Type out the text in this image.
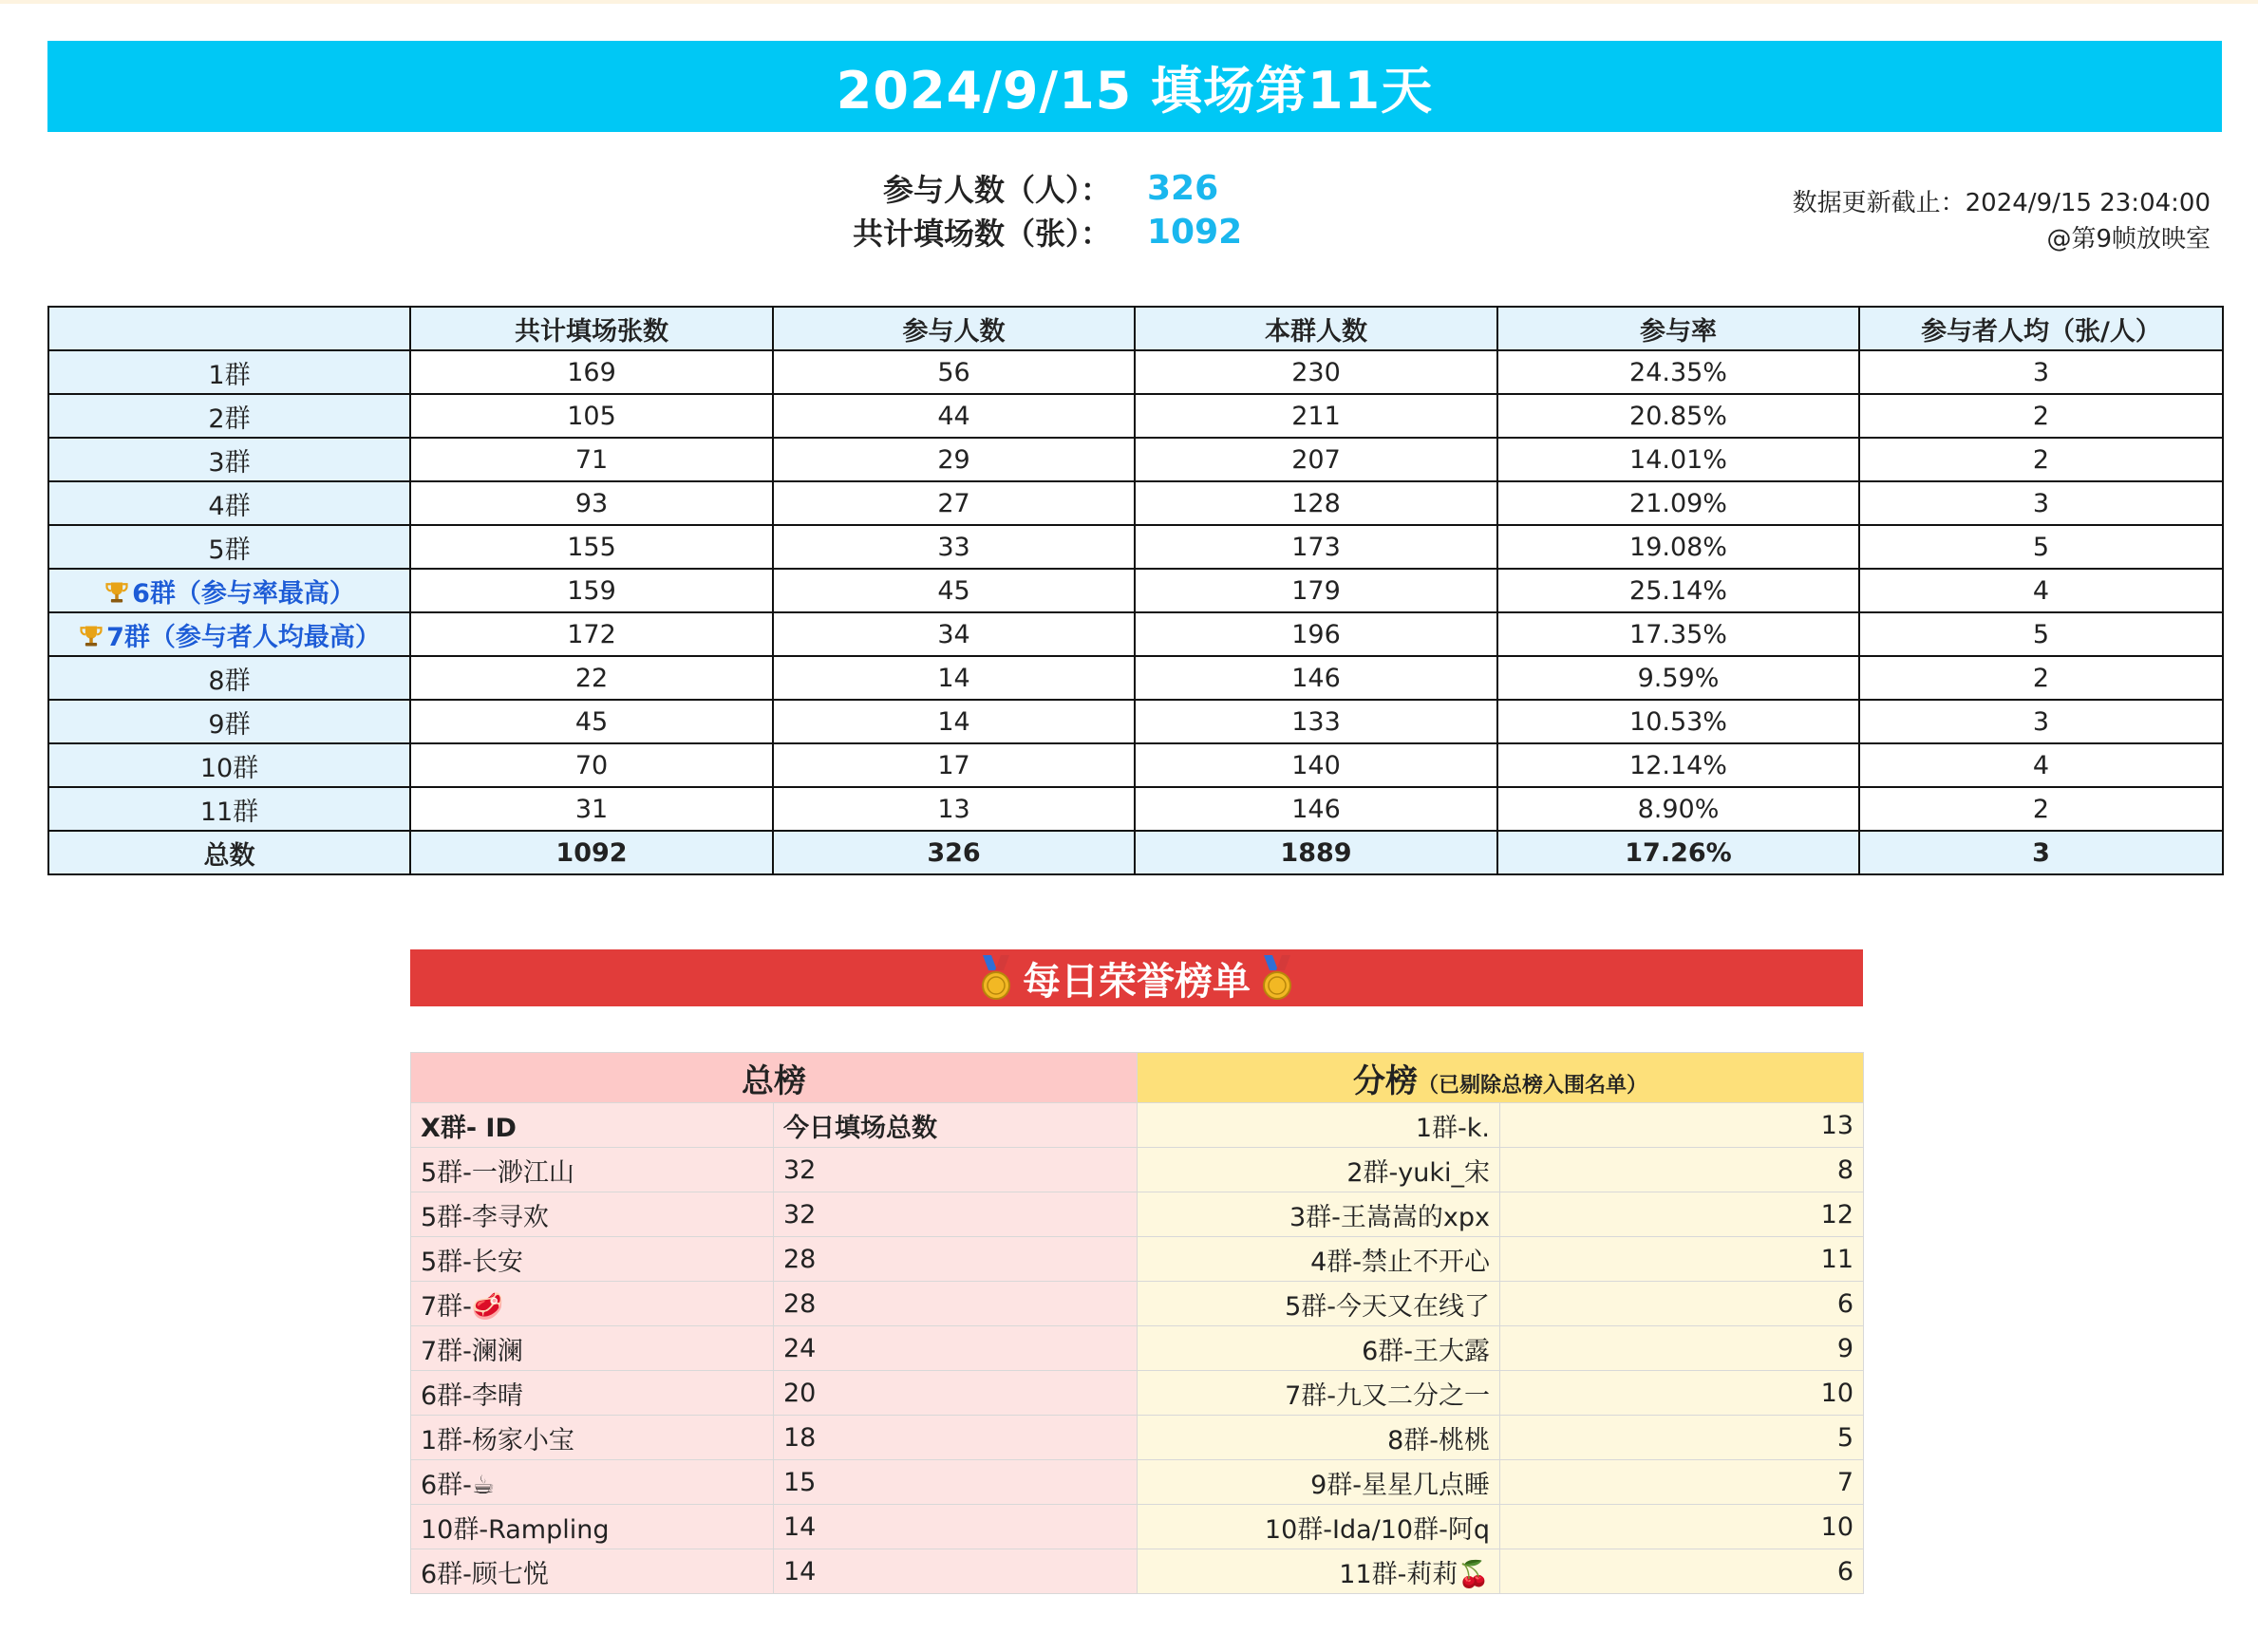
2024/9/15 填场第11天
参与人数（人）： 326
共计填场数（张）： 1092
数据更新截止：2024/9/15 23:04:00
@第9帧放映室
	共计填场张数	参与人数	本群人数	参与率	参与者人均（张/人）
1群	169	56	230	24.35%	3
2群	105	44	211	20.85%	2
3群	71	29	207	14.01%	2
4群	93	27	128	21.09%	3
5群	155	33	173	19.08%	5
6群（参与率最高）	159	45	179	25.14%	4
7群（参与者人均最高）	172	34	196	17.35%	5
8群	22	14	146	9.59%	2
9群	45	14	133	10.53%	3
10群	70	17	140	12.14%	4
11群	31	13	146	8.90%	2
总数	1092	326	1889	17.26%	3
每日荣誉榜单
总榜		分榜（已剔除总榜入围名单）	
X群- ID	今日填场总数	1群-k.	13
5群-一渺江山	32	2群-yuki_宋	8
5群-李寻欢	32	3群-王嵩嵩的xpx	12
5群-长安	28	4群-禁止不开心	11
7群-🥩	28	5群-今天又在线了	6
7群-澜澜	24	6群-王大露	9
6群-李晴	20	7群-九又二分之一	10
1群-杨家小宝	18	8群-桃桃	5
6群-☕	15	9群-星星几点睡	7
10群-Rampling	14	10群-Ida/10群-阿q	10
6群-顾七悦	14	11群-莉莉🍒	6
